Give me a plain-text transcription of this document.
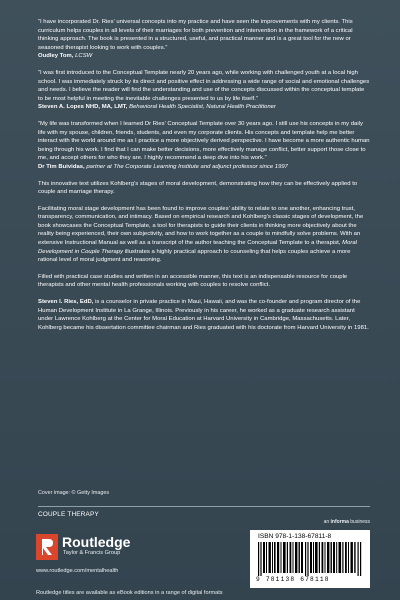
“I have incorporated Dr. Ries’ universal concepts into my practice and have seen the improvements with my clients. This curriculum helps couples in all levels of their marriages for both prevention and intervention in the framework of a critical thinking approach. The book is presented in a structured, useful, and practical manner and is a great tool for the new or seasoned therapist looking to work with couples.”

Oudley Tom, LCSW

“I was first introduced to the Conceptual Template nearly 20 years ago, while working with challenged youth at a local high school. I was immediately struck by its direct and positive effect in addressing a wide range of social and emotional challenges and needs. I believe the reader will find the understanding and use of the concepts discussed within the conceptual template to be most helpful in meeting the inevitable challenges presented to us by life itself.”

Steven A. Lopes NHD, MA, LMT, Behavioral Health Specialist, Natural Health Practitioner

“My life was transformed when I learned Dr Ries’ Conceptual Template over 30 years ago. I still use his concepts in my daily life with my spouse, children, friends, students, and even my corporate clients. His concepts and template help me better interact with the world around me as I practice a more objectively derived perspective. I have become a more authentic human being through his work. I find that I can make better decisions, more effectively manage conflict, better support those close to me, and accept others for who they are. I highly recommend a deep dive into his work.”

Dr Tim Buividas, partner at The Corporate Learning Institute and adjunct professor since 1997

This innovative text utilizes Kohlberg’s stages of moral development, demonstrating how they can be effectively applied to couple and marriage therapy.

Facilitating moral stage development has been found to improve couples’ ability to relate to one another, enhancing trust, transparency, communication, and intimacy. Based on empirical research and Kohlberg’s classic stages of development, the book showcases the Conceptual Template, a tool for therapists to guide their clients in thinking more objectively about the reality being experienced, their own subjectivity, and how to work together as a couple to mindfully solve problems. With an extensive Instructional Manual as well as a transcript of the author teaching the Conceptual Template to a therapist, Moral Development in Couple Therapy illustrates a highly practical approach to counseling that helps couples achieve a more rational level of moral judgment and reasoning.

Filled with practical case studies and written in an accessible manner, this text is an indispensable resource for couple therapists and other mental health professionals working with couples to resolve conflict.

Steven I. Ries, EdD, is a counselor in private practice in Maui, Hawaii, and was the co-founder and program director of the Human Development Institute in La Grange, Illinois. Previously in his career, he worked as a graduate research assistant under Lawrence Kohlberg at the Center for Moral Education at Harvard University in Cambridge, Massachusetts. Later, Kohlberg became his dissertation committee chairman and Ries graduated with his doctorate from Harvard University in 1981.

Cover image: © Getty Images
COUPLE THERAPY
an informa business
Routledge
Taylor & Francis Group
www.routledge.com/mentalhealth
Routledge titles are available as eBook editions in a range of digital formats
ISBN 978-1-138-67811-8
9 781138 678118
